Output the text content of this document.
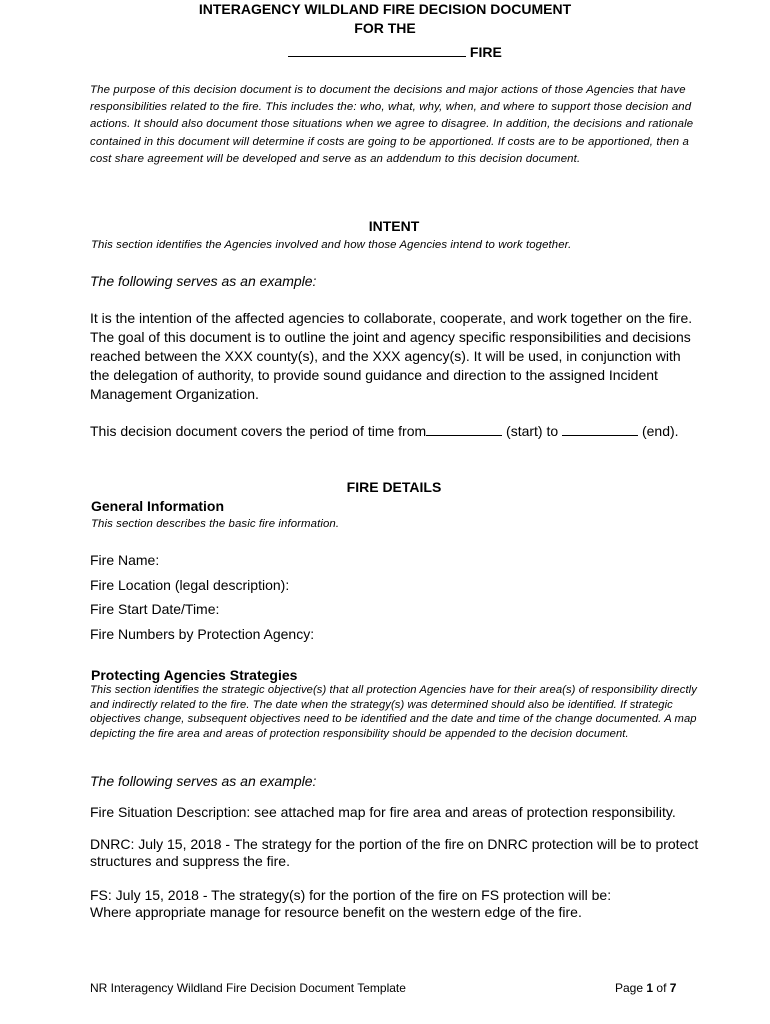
INTERAGENCY WILDLAND FIRE DECISION DOCUMENT
FOR THE
FIRE
The purpose of this decision document is to document the decisions and major actions of those Agencies that have responsibilities related to the fire. This includes the: who, what, why, when, and where to support those decision and actions. It should also document those situations when we agree to disagree. In addition, the decisions and rationale contained in this document will determine if costs are going to be apportioned. If costs are to be apportioned, then a cost share agreement will be developed and serve as an addendum to this decision document.
INTENT
This section identifies the Agencies involved and how those Agencies intend to work together.
The following serves as an example:
It is the intention of the affected agencies to collaborate, cooperate, and work together on the fire. The goal of this document is to outline the joint and agency specific responsibilities and decisions reached between the XXX county(s), and the XXX agency(s). It will be used, in conjunction with the delegation of authority, to provide sound guidance and direction to the assigned Incident Management Organization.
This decision document covers the period of time from	(start) to	(end).
FIRE DETAILS
General Information
This section describes the basic fire information.
Fire Name:
Fire Location (legal description):
Fire Start Date/Time:
Fire Numbers by Protection Agency:
Protecting Agencies Strategies
This section identifies the strategic objective(s) that all protection Agencies have for their area(s) of responsibility directly and indirectly related to the fire. The date when the strategy(s) was determined should also be identified. If strategic objectives change, subsequent objectives need to be identified and the date and time of the change documented. A map depicting the fire area and areas of protection responsibility should be appended to the decision document.
The following serves as an example:
Fire Situation Description: see attached map for fire area and areas of protection responsibility.
DNRC: July 15, 2018 - The strategy for the portion of the fire on DNRC protection will be to protect structures and suppress the fire.
FS: July 15, 2018 - The strategy(s) for the portion of the fire on FS protection will be:
Where appropriate manage for resource benefit on the western edge of the fire.
NR Interagency Wildland Fire Decision Document Template	Page 1 of 7
